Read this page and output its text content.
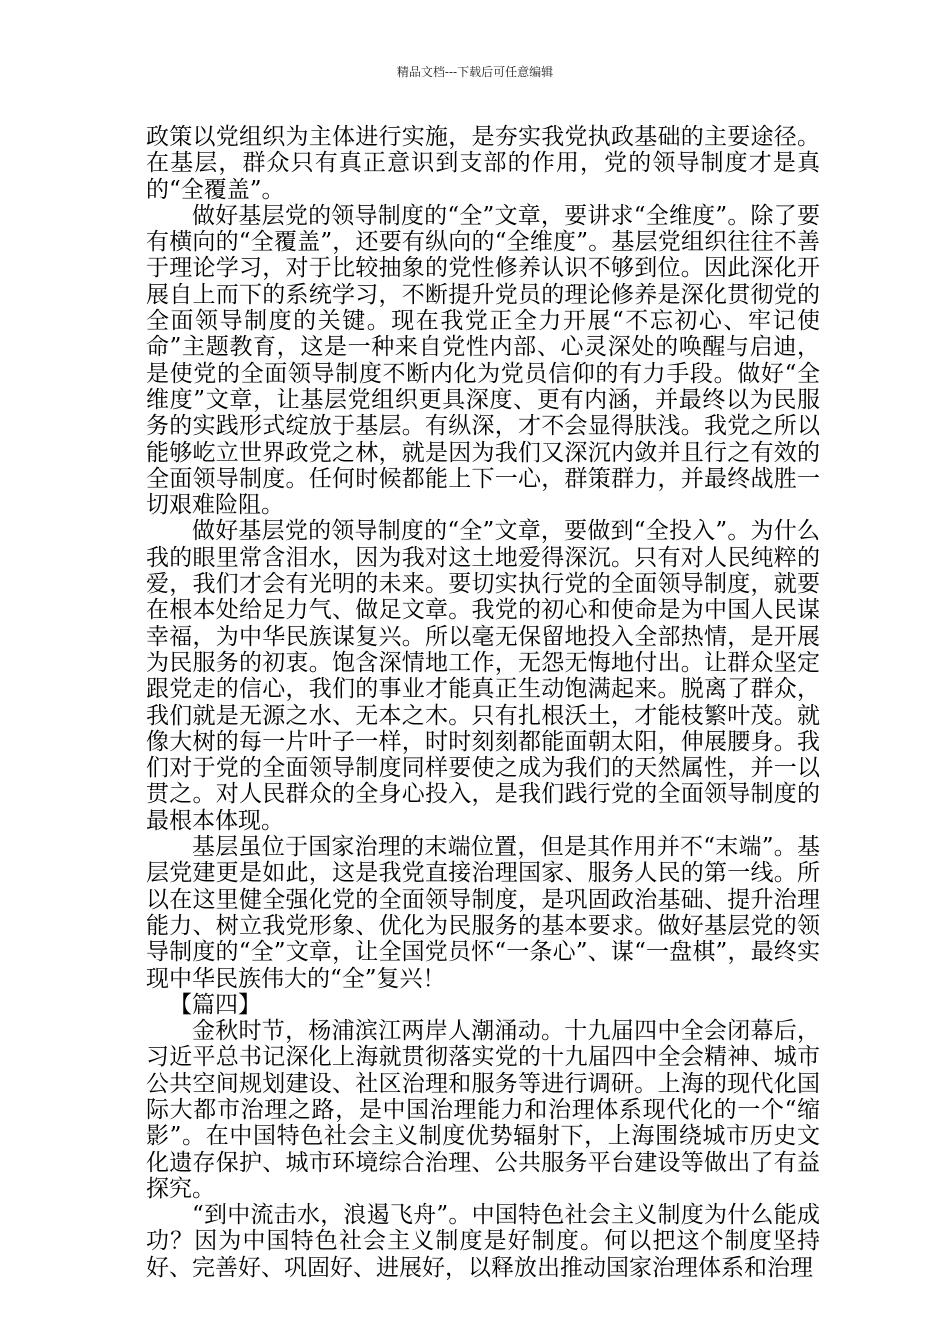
精品文档---下载后可任意编辑

政策以党组织为主体进行实施，是夯实我党执政基础的主要途径。在基层，群众只有真正意识到支部的作用，党的领导制度才是真的“全覆盖”。

做好基层党的领导制度的“全”文章，要讲求“全维度”。除了要有横向的“全覆盖”，还要有纵向的“全维度”。基层党组织往往不善于理论学习，对于比较抽象的党性修养认识不够到位。因此深化开展自上而下的系统学习，不断提升党员的理论修养是深化贯彻党的全面领导制度的关键。现在我党正全力开展“不忘初心、牢记使命”主题教育，这是一种来自党性内部、心灵深处的唤醒与启迪，是使党的全面领导制度不断内化为党员信仰的有力手段。做好“全维度”文章，让基层党组织更具深度、更有内涵，并最终以为民服务的实践形式绽放于基层。有纵深，才不会显得肤浅。我党之所以能够屹立世界政党之林，就是因为我们又深沉内敛并且行之有效的全面领导制度。任何时候都能上下一心，群策群力，并最终战胜一切艰难险阻。

做好基层党的领导制度的“全”文章，要做到“全投入”。为什么我的眼里常含泪水，因为我对这土地爱得深沉。只有对人民纯粹的爱，我们才会有光明的未来。要切实执行党的全面领导制度，就要在根本处给足力气、做足文章。我党的初心和使命是为中国人民谋幸福，为中华民族谋复兴。所以毫无保留地投入全部热情，是开展为民服务的初衷。饱含深情地工作，无怨无悔地付出。让群众坚定跟党走的信心，我们的事业才能真正生动饱满起来。脱离了群众，我们就是无源之水、无本之木。只有扎根沃土，才能枝繁叶茂。就像大树的每一片叶子一样，时时刻刻都能面朝太阳，伸展腰身。我们对于党的全面领导制度同样要使之成为我们的天然属性，并一以贯之。对人民群众的全身心投入，是我们践行党的全面领导制度的最根本体现。

基层虽位于国家治理的末端位置，但是其作用并不“末端”。基层党建更是如此，这是我党直接治理国家、服务人民的第一线。所以在这里健全强化党的全面领导制度，是巩固政治基础、提升治理能力、树立我党形象、优化为民服务的基本要求。做好基层党的领导制度的“全”文章，让全国党员怀“一条心”、谋“一盘棋”，最终实现中华民族伟大的“全”复兴！

【篇四】

金秋时节，杨浦滨江两岸人潮涌动。十九届四中全会闭幕后，习近平总书记深化上海就贯彻落实党的十九届四中全会精神、城市公共空间规划建设、社区治理和服务等进行调研。上海的现代化国际大都市治理之路，是中国治理能力和治理体系现代化的一个“缩影”。在中国特色社会主义制度优势辐射下，上海围绕城市历史文化遗存保护、城市环境综合治理、公共服务平台建设等做出了有益探究。

“到中流击水，浪遏飞舟”。中国特色社会主义制度为什么能成功？因为中国特色社会主义制度是好制度。何以把这个制度坚持好、完善好、巩固好、进展好，以释放出推动国家治理体系和治理
